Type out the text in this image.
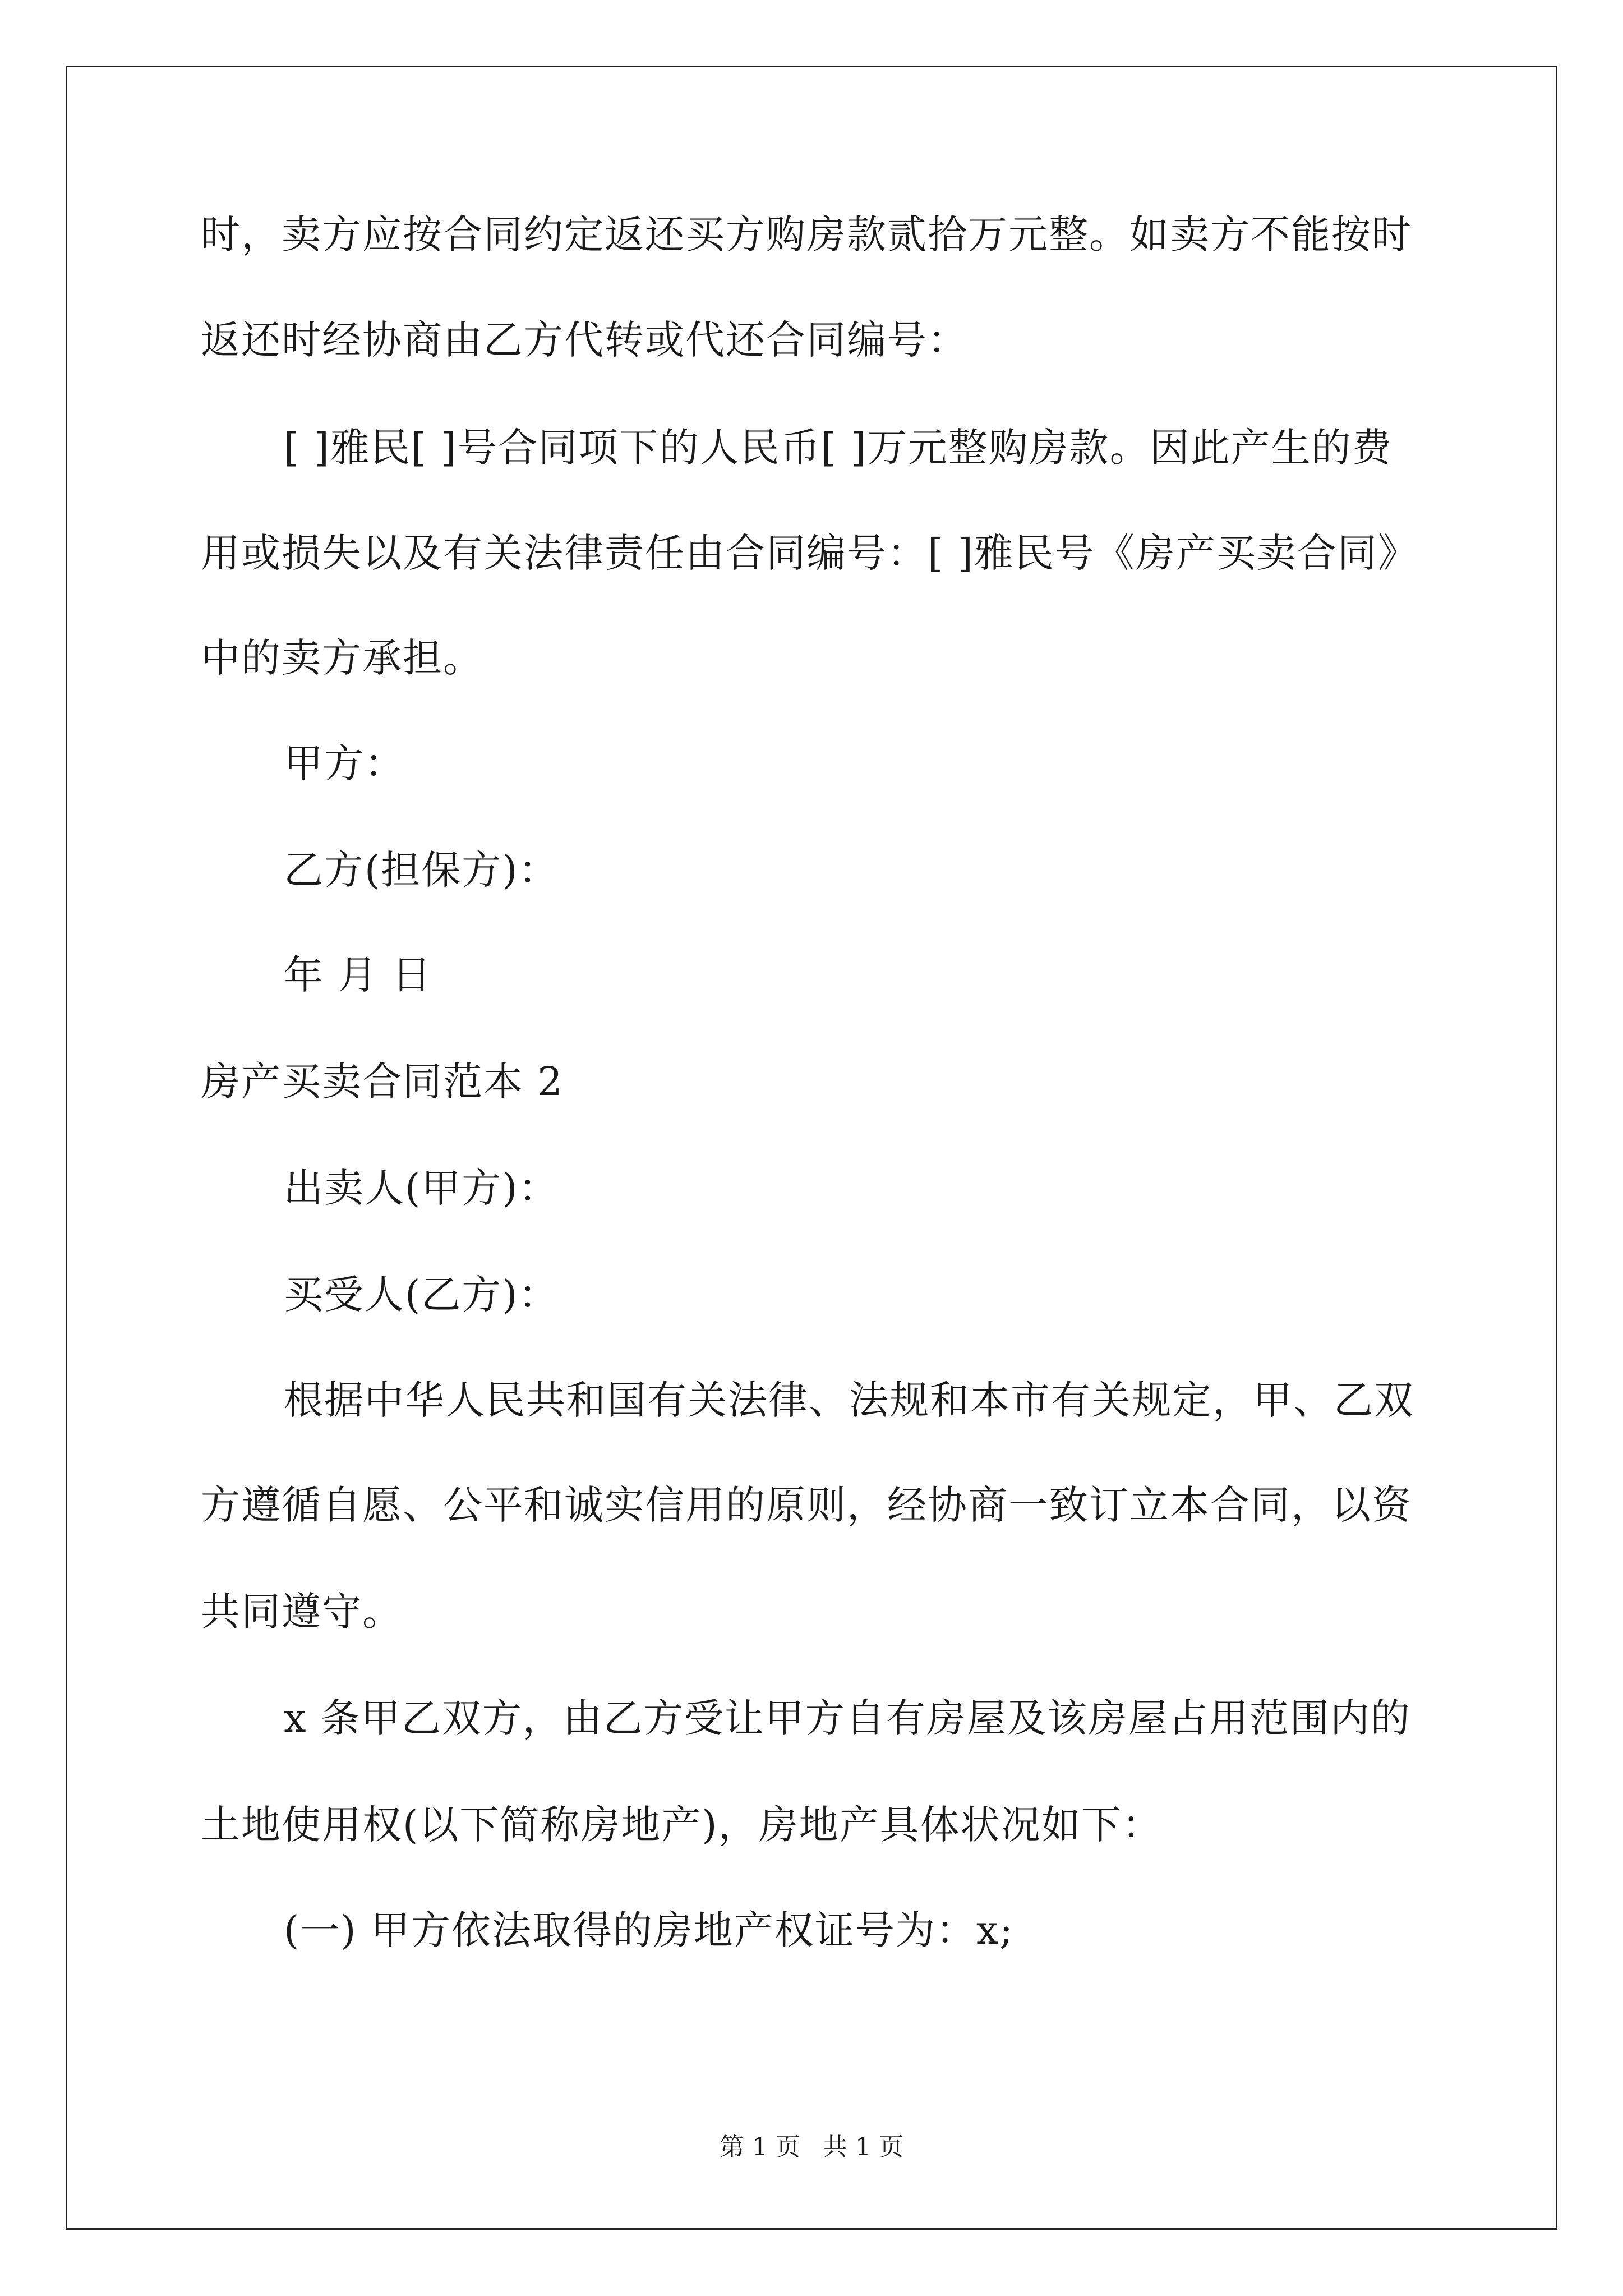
时，卖方应按合同约定返还买方购房款贰拾万元整。如卖方不能按时
返还时经协商由乙方代转或代还合同编号：
[ ]雅民[ ]号合同项下的人民币[ ]万元整购房款。因此产生的费
用或损失以及有关法律责任由合同编号：[ ]雅民号《房产买卖合同》
中的卖方承担。
甲方：
乙方(担保方)：
年 月 日
房产买卖合同范本 2
出卖人(甲方)：
买受人(乙方)：
根据中华人民共和国有关法律、法规和本市有关规定，甲、乙双
方遵循自愿、公平和诚实信用的原则，经协商一致订立本合同，以资
共同遵守。
x 条甲乙双方，由乙方受让甲方自有房屋及该房屋占用范围内的
土地使用权(以下简称房地产)，房地产具体状况如下：
(一) 甲方依法取得的房地产权证号为：x;
第 1 页 共 1 页
